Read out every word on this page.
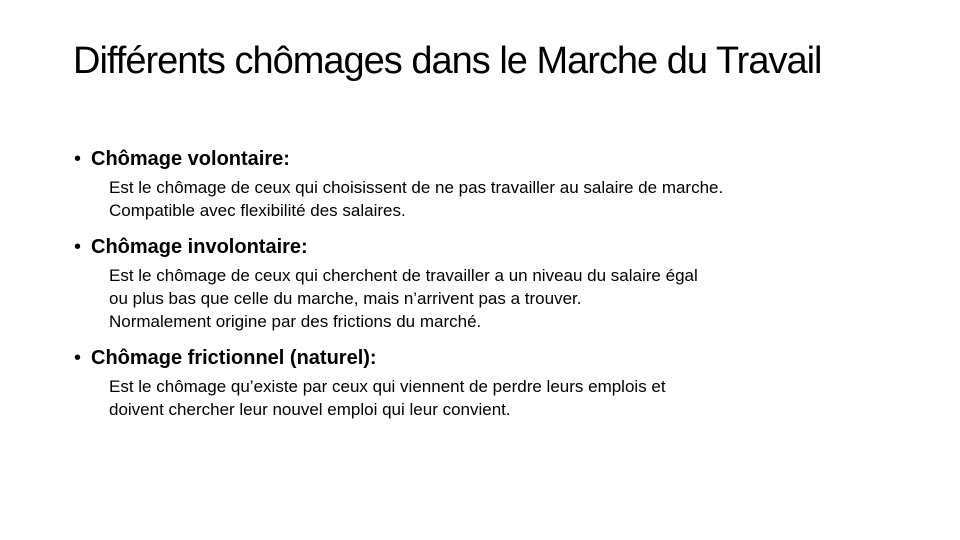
Différents chômages dans le Marche du Travail
• Chômage volontaire:
Est le chômage de ceux qui choisissent de ne pas travailler au salaire de marche.
Compatible avec flexibilité des salaires.
• Chômage involontaire:
Est le chômage de ceux qui cherchent de travailler a un niveau du salaire égal
ou plus bas que celle du marche, mais n’arrivent pas a trouver.
Normalement origine par des frictions du marché.
• Chômage frictionnel (naturel):
Est le chômage qu’existe par ceux qui viennent de perdre leurs emplois et
doivent chercher leur nouvel emploi qui leur convient.
